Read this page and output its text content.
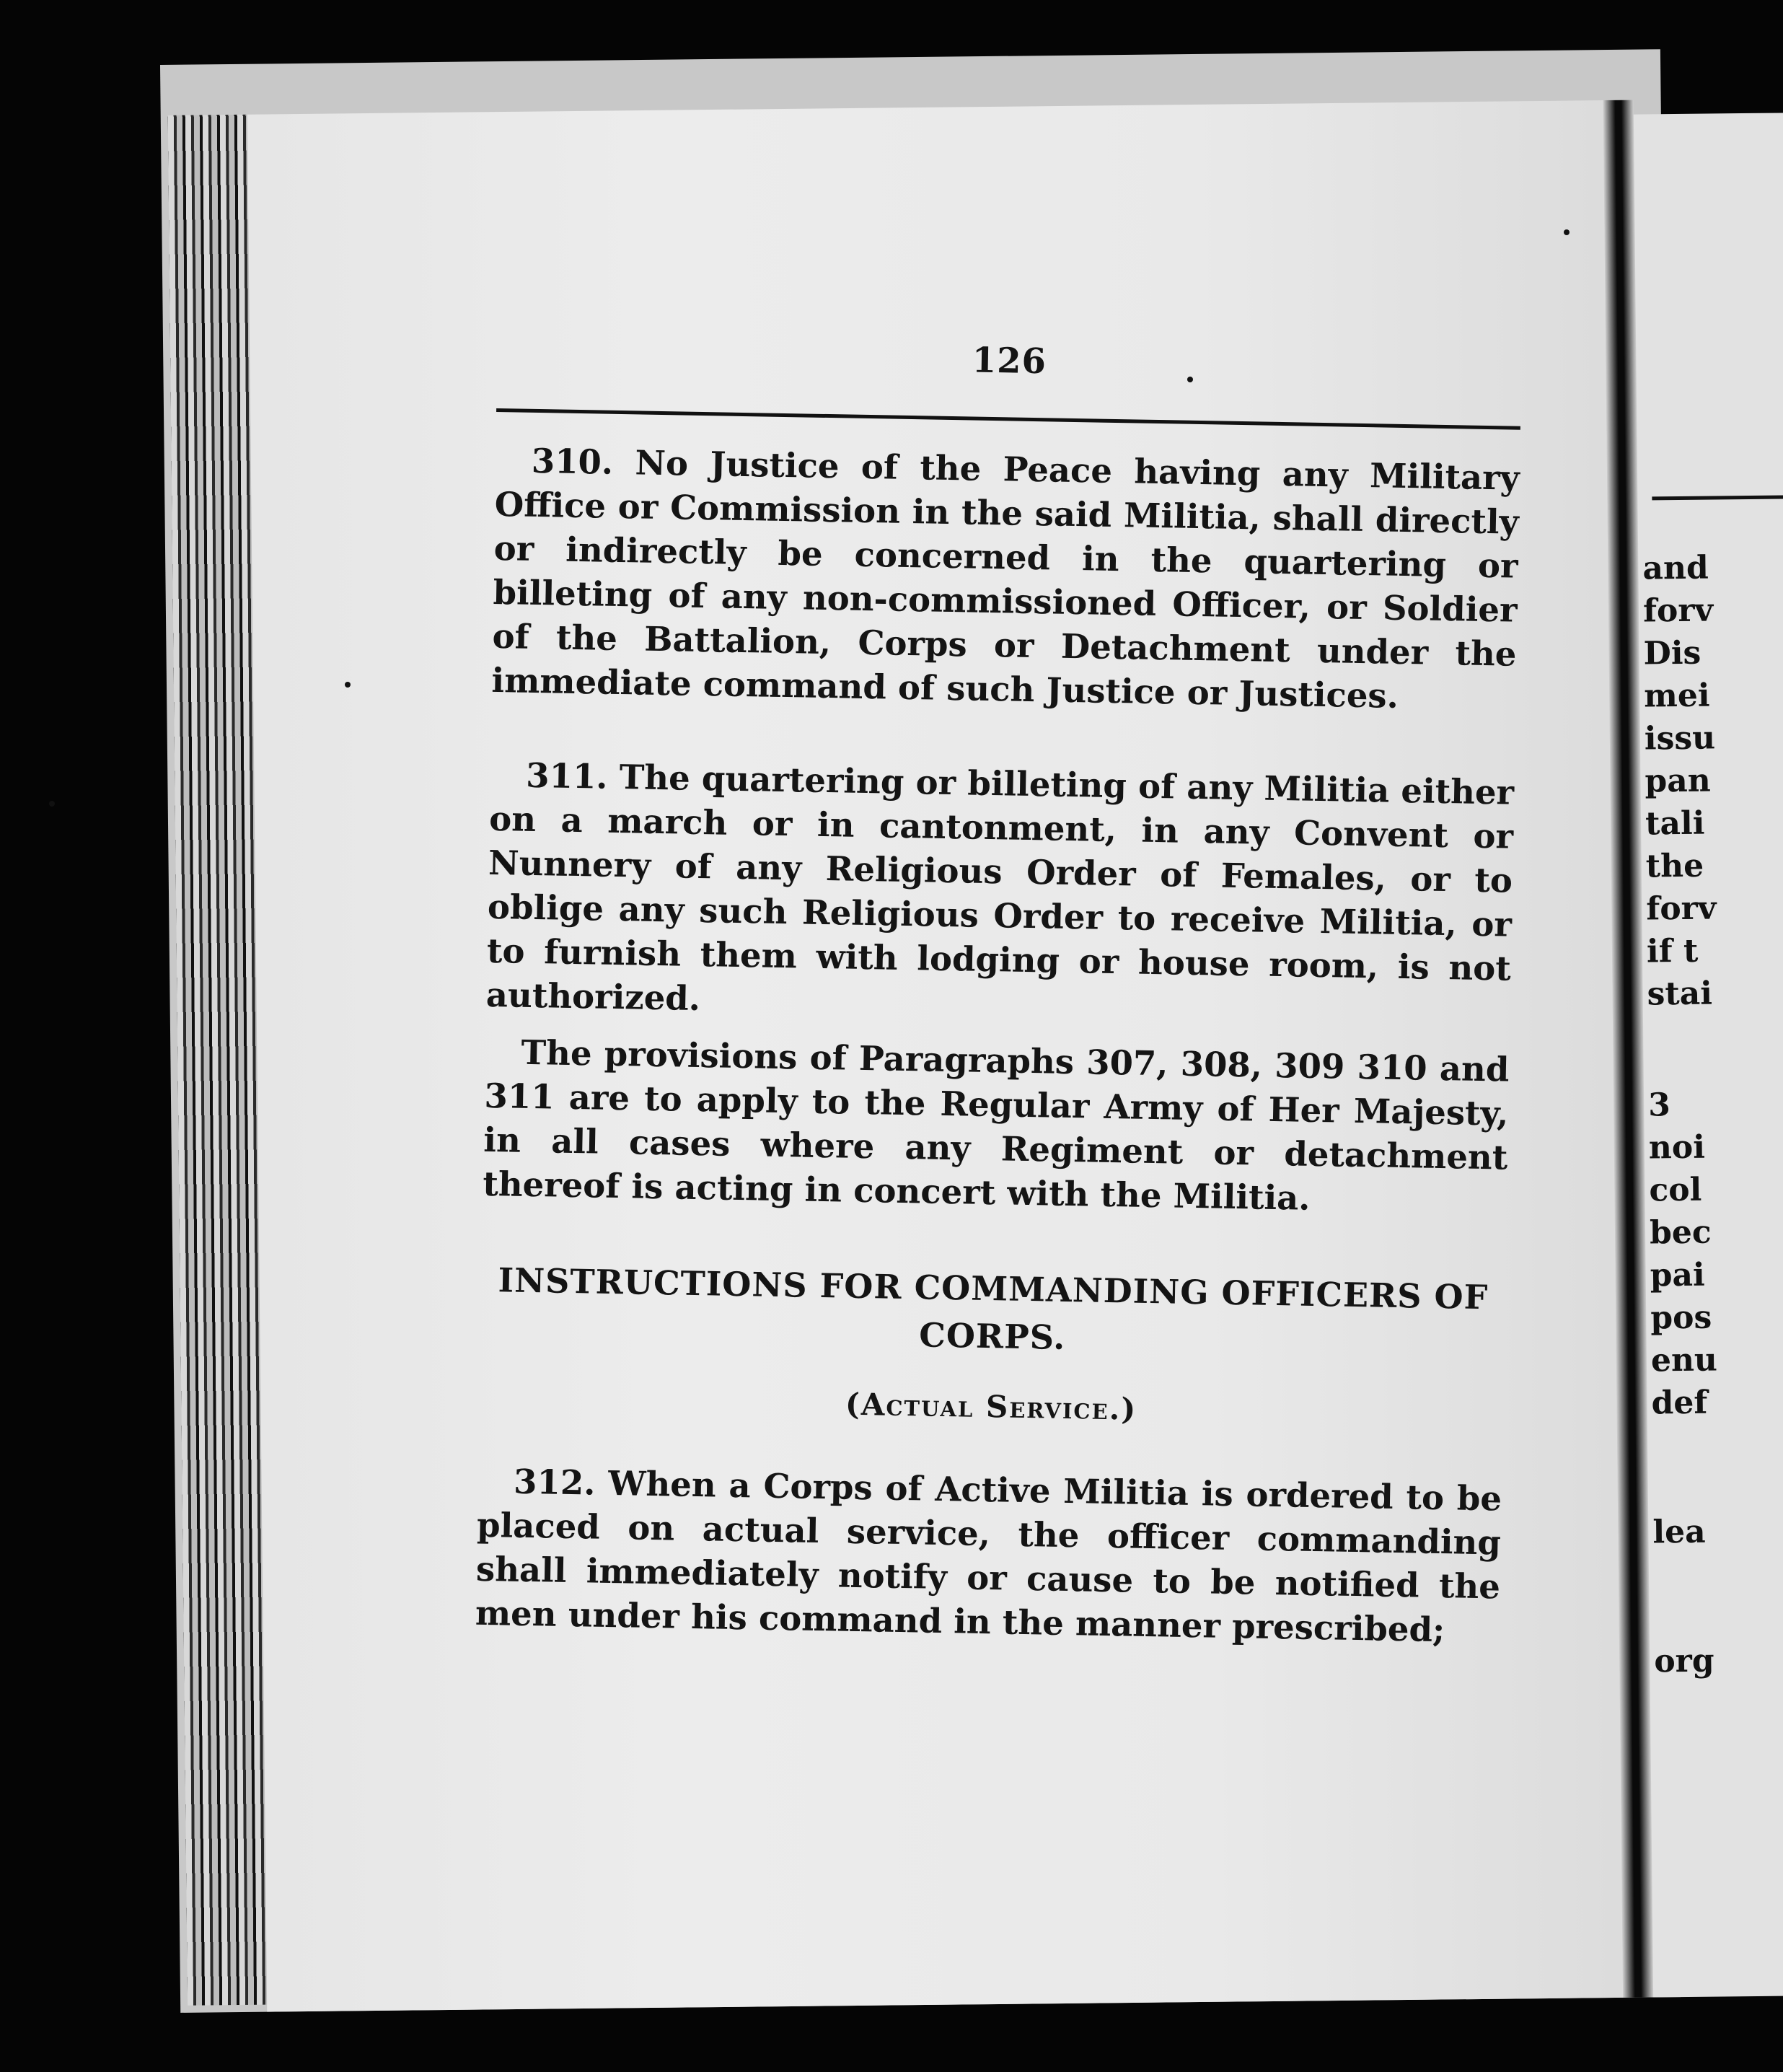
and
forv
Dis
mei
issu
pan
tali
the
forv
if t
stai
3
noi
col
bec
pai
pos
enu
def
lea
org
126

310. No Justice of the Peace having any Military Office or Commission in the said Militia, shall directly or indirectly be concerned in the quartering or billeting of any non-commissioned Officer, or Soldier of the Battalion, Corps or Detachment under the immediate command of such Justice or Justices.

311. The quartering or billeting of any Militia either on a march or in cantonment, in any Convent or Nunnery of any Religious Order of Females, or to oblige any such Religious Order to receive Militia, or to furnish them with lodging or house room, is not authorized.

The provisions of Paragraphs 307, 308, 309 310 and 311 are to apply to the Regular Army of Her Majesty, in all cases where any Regiment or detachment thereof is acting in concert with the Militia.

INSTRUCTIONS FOR COMMANDING OFFICERS OF CORPS.
(Actual Service.)

312. When a Corps of Active Militia is ordered to be placed on actual service, the officer commanding shall immediately notify or cause to be notified the men under his command in the manner prescribed;
